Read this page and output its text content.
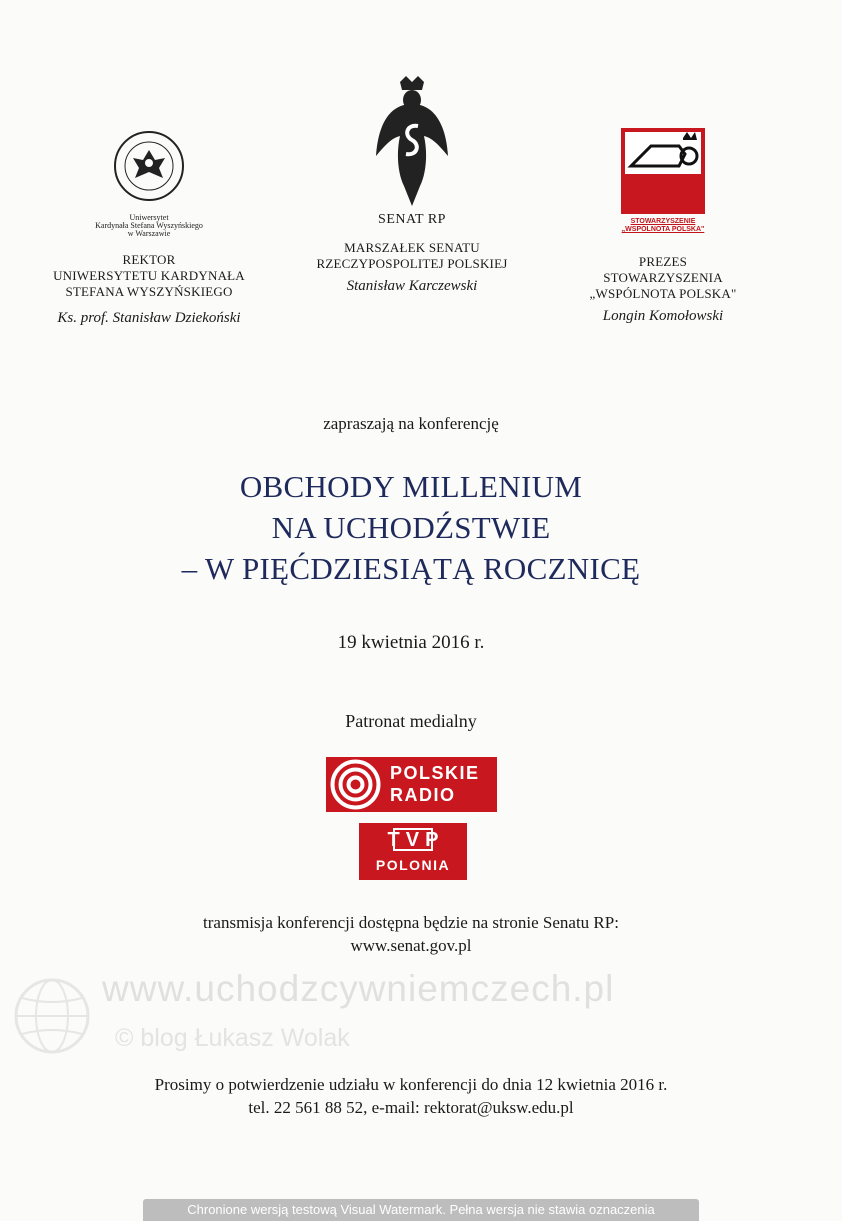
Uniwersytet
Kardynała Stefana Wyszyńskiego
w Warszawie
REKTOR
UNIWERSYTETU KARDYNAŁA
STEFANA WYSZYŃSKIEGO
Ks. prof. Stanisław Dziekoński
SENAT RP
MARSZAŁEK SENATU
RZECZYPOSPOLITEJ POLSKIEJ
Stanisław Karczewski
STOWARZYSZENIE
„WSPÓLNOTA POLSKA"
PREZES
STOWARZYSZENIA
„WSPÓLNOTA POLSKA"
Longin Komołowski
zapraszają na konferencję
OBCHODY MILLENIUM
NA UCHODŹSTWIE
– W PIĘĆDZIESIĄTĄ ROCZNICĘ
19 kwietnia 2016 r.
Patronat medialny
POLSKIE
RADIO
TVP
POLONIA
transmisja konferencji dostępna będzie na stronie Senatu RP:
www.senat.gov.pl
www.uchodzcywniemczech.pl
© blog Łukasz Wolak
Prosimy o potwierdzenie udziału w konferencji do dnia 12 kwietnia 2016 r.
tel. 22 561 88 52, e-mail: rektorat@uksw.edu.pl
Chronione wersją testową Visual Watermark. Pełna wersja nie stawia oznaczenia
